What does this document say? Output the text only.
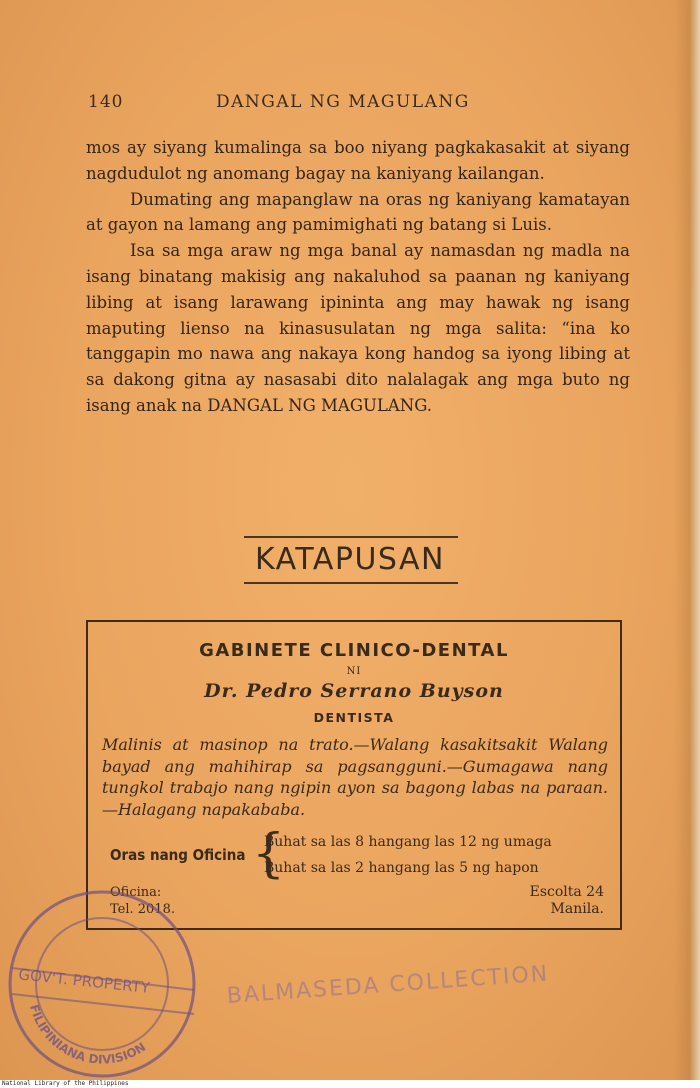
140	DANGAL NG MAGULANG

mos ay siyang kumalinga sa boo niyang pagkakasakit at siyang nagdudulot ng anomang bagay na kaniyang kailangan.

Dumating ang mapanglaw na oras ng kaniyang kamatayan at gayon na lamang ang pamimighati ng batang si Luis.

Isa sa mga araw ng mga banal ay namasdan ng madla na isang binatang makisig ang nakaluhod sa paanan ng kaniyang libing at isang larawang ipininta ang may hawak ng isang maputing lienso na kinasusulatan ng mga salita: “ina ko tanggapin mo nawa ang nakaya kong handog sa iyong libing at sa dakong gitna ay nasasabi dito nalalagak ang mga buto ng isang anak na DANGAL NG MAGULANG.

KATAPUSAN
GABINETE CLINICO-DENTAL
NI
Dr. Pedro Serrano Buyson
DENTISTA
Malinis at masinop na trato.—Walang kasakitsakit Walang bayad ang mahihirap sa pagsangguni.—Gumagawa nang tungkol trabajo nang ngipin ayon sa bagong labas na paraan.—Halagang napakababa.
Oras nang Oficina {
Buhat sa las 8 hangang las 12 ng umaga
Buhat sa las 2 hangang las 5 ng hapon
Oficina:
Tel. 2018.
Escolta 24
Manila.
GOV'T. PROPERTY
FILIPINIANA DIVISION
BALMASEDA COLLECTION
National Library of the Philippines
